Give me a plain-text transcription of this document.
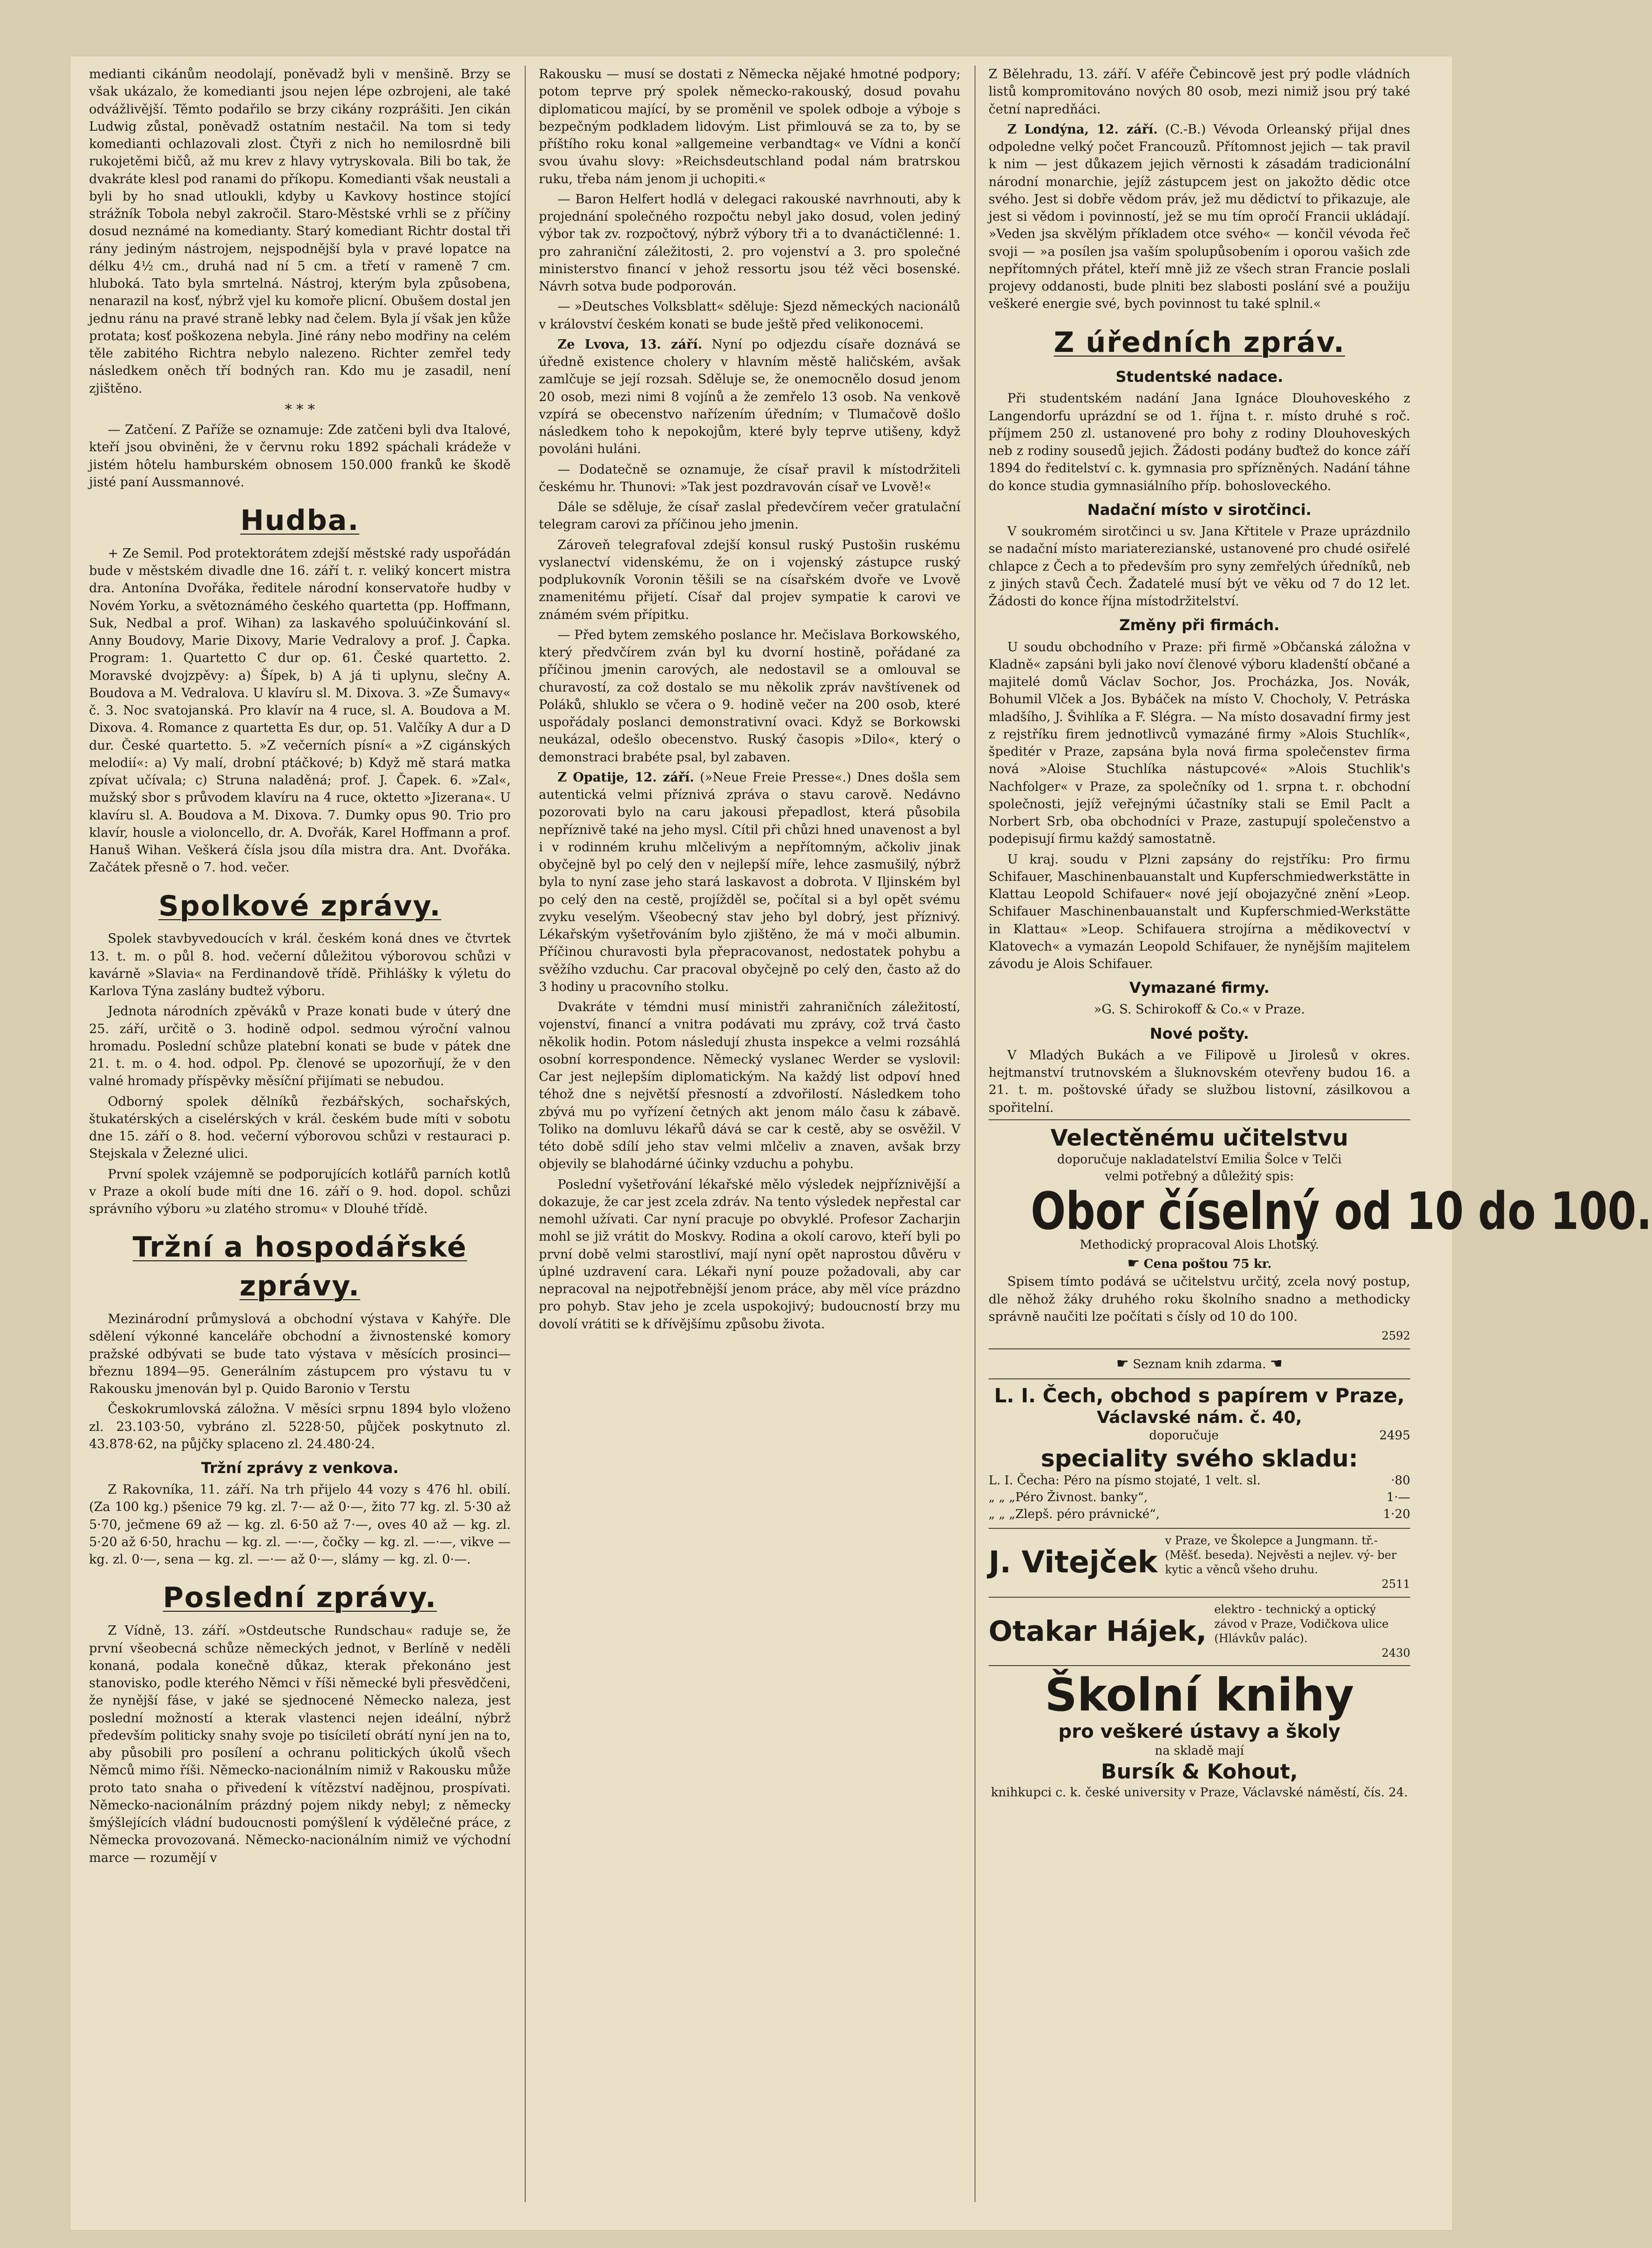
medianti cikánům neodolají, poněvadž byli v menšině. Brzy se však ukázalo, že komedianti jsou nejen lépe ozbrojeni, ale také odvážlivější. Těmto podařilo se brzy cikány rozprášiti. Jen cikán Ludwig zůstal, poněvadž ostatním nestačil. Na tom si tedy komedianti ochlazovali zlost. Čtyři z nich ho nemilosrdně bili rukojetěmi bičů, až mu krev z hlavy vytryskovala. Bili bo tak, že dvakráte klesl pod ranami do příkopu. Komedianti však neustali a byli by ho snad utloukli, kdyby u Kavkovy hostince stojící strážník Tobola nebyl zakročil. Staro-Městské vrhli se z příčiny dosud neznámé na komedianty. Starý komediant Richtr dostal tři rány jediným nástrojem, nejspodnější byla v pravé lopatce na délku 4½ cm., druhá nad ní 5 cm. a třetí v rameně 7 cm. hluboká. Tato byla smrtelná. Nástroj, kterým byla způsobena, nenarazil na kosť, nýbrž vjel ku komoře plicní. Obušem dostal jen jednu ránu na pravé straně lebky nad čelem. Byla jí však jen kůže protata; kosť poškozena nebyla. Jiné rány nebo modřiny na celém těle zabitého Richtra nebylo nalezeno. Richter zemřel tedy následkem oněch tří bodných ran. Kdo mu je zasadil, není zjištěno.

* * *

— Zatčení. Z Paříže se oznamuje: Zde zatčeni byli dva Italové, kteří jsou obviněni, že v červnu roku 1892 spáchali krádeže v jistém hôtelu hamburském obnosem 150.000 franků ke škodě jisté paní Aussmannové.

Hudba.

+ Ze Semil. Pod protektorátem zdejší městské rady uspořádán bude v městském divadle dne 16. září t. r. veliký koncert mistra dra. Antonína Dvořáka, ředitele národní konservatoře hudby v Novém Yorku, a světoznámého českého quartetta (pp. Hoffmann, Suk, Nedbal a prof. Wihan) za laskavého spoluúčinkování sl. Anny Boudovy, Marie Dixovy, Marie Vedralovy a prof. J. Čapka. Program: 1. Quartetto C dur op. 61. České quartetto. 2. Moravské dvojzpěvy: a) Šípek, b) A já ti uplynu, slečny A. Boudova a M. Vedralova. U klavíru sl. M. Dixova. 3. »Ze Šumavy« č. 3. Noc svatojanská. Pro klavír na 4 ruce, sl. A. Boudova a M. Dixova. 4. Romance z quartetta Es dur, op. 51. Valčíky A dur a D dur. České quartetto. 5. »Z večerních písní« a »Z cigánských melodií«: a) Vy malí, drobní ptáčkové; b) Když mě stará matka zpívat učívala; c) Struna naladěná; prof. J. Čapek. 6. »Zal«, mužský sbor s průvodem klavíru na 4 ruce, oktetto »Jizerana«. U klavíru sl. A. Boudova a M. Dixova. 7. Dumky opus 90. Trio pro klavír, housle a violoncello, dr. A. Dvořák, Karel Hoffmann a prof. Hanuš Wihan. Veškerá čísla jsou díla mistra dra. Ant. Dvořáka. Začátek přesně o 7. hod. večer.

Spolkové zprávy.

Spolek stavbyvedoucích v král. českém koná dnes ve čtvrtek 13. t. m. o půl 8. hod. večerní důležitou výborovou schůzi v kavárně »Slavia« na Ferdinandově třídě. Přihlášky k výletu do Karlova Týna zaslány budtež výboru.

Jednota národních zpěváků v Praze konati bude v úterý dne 25. září, určitě o 3. hodině odpol. sedmou výroční valnou hromadu. Poslední schůze platební konati se bude v pátek dne 21. t. m. o 4. hod. odpol. Pp. členové se upozorňují, že v den valné hromady příspěvky měsíční přijímati se nebudou.

Odborný spolek dělníků řezbářských, sochařských, štukatérských a ciselérských v král. českém bude míti v sobotu dne 15. září o 8. hod. večerní výborovou schůzi v restauraci p. Stejskala v Železné ulici.

První spolek vzájemně se podporujících kotlářů parních kotlů v Praze a okolí bude míti dne 16. září o 9. hod. dopol. schůzi správního výboru »u zlatého stromu« v Dlouhé třídě.

Tržní a hospodářské zprávy.

Mezinárodní průmyslová a obchodní výstava v Kahýře. Dle sdělení výkonné kanceláře obchodní a živnostenské komory pražské odbývati se bude tato výstava v měsících prosinci—březnu 1894—95. Generálním zástupcem pro výstavu tu v Rakousku jmenován byl p. Quido Baronio v Terstu

Českokrumlovská záložna. V měsíci srpnu 1894 bylo vloženo zl. 23.103·50, vybráno zl. 5228·50, půjček poskytnuto zl. 43.878·62, na půjčky splaceno zl. 24.480·24.

Tržní zprávy z venkova.

Z Rakovníka, 11. září. Na trh přijelo 44 vozy s 476 hl. obilí. (Za 100 kg.) pšenice 79 kg. zl. 7·— až 0·—, žito 77 kg. zl. 5·30 až 5·70, ječmene 69 až — kg. zl. 6·50 až 7·—, oves 40 až — kg. zl. 5·20 až 6·50, hrachu — kg. zl. —·—, čočky — kg. zl. —·—, vikve — kg. zl. 0·—, sena — kg. zl. —·— až 0·—, slámy — kg. zl. 0·—.

Poslední zprávy.

Z Vídně, 13. září. »Ostdeutsche Rundschau« raduje se, že první všeobecná schůze německých jednot, v Berlíně v neděli konaná, podala konečně důkaz, kterak překonáno jest stanovisko, podle kterého Němci v říši německé byli přesvědčeni, že nynější fáse, v jaké se sjednocené Německo naleza, jest poslední možností a kterak vlastenci nejen ideální, nýbrž především politicky snahy svoje po tisíciletí obrátí nyní jen na to, aby působili pro posílení a ochranu politických úkolů všech Němců mimo říši. Německo-nacionálním nimiž v Rakousku může proto tato snaha o přivedení k vítězství nadějnou, prospívati. Německo-nacionálním prázdný pojem nikdy nebyl; z německy šmýšlejících vládní budoucnosti pomýšlení k výdělečné práce, z Německa provozovaná. Německo-nacionálním nimiž ve východní marce — rozumějí v

Rakousku — musí se dostati z Německa nějaké hmotné podpory; potom teprve prý spolek německo-rakouský, dosud povahu diplomaticou mající, by se proměnil ve spolek odboje a výboje s bezpečným podkladem lidovým. List přimlouvá se za to, by se příštího roku konal »allgemeine verbandtag« ve Vídni a končí svou úvahu slovy: »Reichsdeutschland podal nám bratrskou ruku, třeba nám jenom ji uchopiti.«

— Baron Helfert hodlá v delegaci rakouské navrhnouti, aby k projednání společného rozpočtu nebyl jako dosud, volen jediný výbor tak zv. rozpočtový, nýbrž výbory tři a to dvanáctičlenné: 1. pro zahraniční záležitosti, 2. pro vojenství a 3. pro společné ministerstvo financí v jehož ressortu jsou též věci bosenské. Návrh sotva bude podporován.

— »Deutsches Volksblatt« sděluje: Sjezd německých nacionálů v království českém konati se bude ještě před velikonocemi.

Ze Lvova, 13. září. Nyní po odjezdu císaře doznává se úředně existence cholery v hlavním městě haličském, avšak zamlčuje se její rozsah. Sděluje se, že onemocnělo dosud jenom 20 osob, mezi nimi 8 vojínů a že zemřelo 13 osob. Na venkově vzpírá se obecenstvo nařízením úředním; v Tlumačově došlo následkem toho k nepokojům, které byly teprve utišeny, když povoláni huláni.

— Dodatečně se oznamuje, že císař pravil k místodržiteli českému hr. Thunovi: »Tak jest pozdravován císař ve Lvově!«

Dále se sděluje, že císař zaslal předevčírem večer gratulační telegram carovi za příčinou jeho jmenin.

Zároveň telegrafoval zdejší konsul ruský Pustošin ruskému vyslanectví videnskému, že on i vojenský zástupce ruský podplukovník Voronin těšili se na císařském dvoře ve Lvově znamenitému přijetí. Císař dal projev sympatie k carovi ve známém svém přípitku.

— Před bytem zemského poslance hr. Mečislava Borkowského, který předvčírem zván byl ku dvorní hostině, pořádané za příčinou jmenin carových, ale nedostavil se a omlouval se churavostí, za což dostalo se mu několik zpráv navštívenek od Poláků, shluklo se včera o 9. hodině večer na 200 osob, které uspořádaly poslanci demonstrativní ovaci. Když se Borkowski neukázal, odešlo obecenstvo. Ruský časopis »Dilo«, který o demonstraci brabéte psal, byl zabaven.

Z Opatije, 12. září. (»Neue Freie Presse«.) Dnes došla sem autentická velmi příznivá zpráva o stavu carově. Nedávno pozorovati bylo na caru jakousi přepadlost, která působila nepříznivě také na jeho mysl. Cítil při chůzi hned unavenost a byl i v rodinném kruhu mlčelivým a nepřítomným, ačkoliv jinak obyčejně byl po celý den v nejlepší míře, lehce zasmušilý, nýbrž byla to nyní zase jeho stará laskavost a dobrota. V Iljinském byl po celý den na cestě, projížděl se, počítal si a byl opět svému zvyku veselým. Všeobecný stav jeho byl dobrý, jest příznivý. Lékařským vyšetřováním bylo zjištěno, že má v moči albumin. Příčinou churavosti byla přepracovanost, nedostatek pohybu a svěžího vzduchu. Car pracoval obyčejně po celý den, často až do 3 hodiny u pracovního stolku.

Dvakráte v témdni musí ministři zahraničních záležitostí, vojenství, financí a vnitra podávati mu zprávy, což trvá často několik hodin. Potom následují zhusta inspekce a velmi rozsáhlá osobní korrespondence. Německý vyslanec Werder se vyslovil: Car jest nejlepším diplomatickým. Na každý list odpoví hned téhož dne s největší přesností a zdvořilostí. Následkem toho zbývá mu po vyřízení četných akt jenom málo času k zábavě. Toliko na domluvu lékařů dává se car k cestě, aby se osvěžil. V této době sdílí jeho stav velmi mlčeliv a znaven, avšak brzy objevily se blahodárné účinky vzduchu a pohybu.

Poslední vyšetřování lékařské mělo výsledek nejpříznivější a dokazuje, že car jest zcela zdráv. Na tento výsledek nepřestal car nemohl užívati. Car nyní pracuje po obvyklé. Profesor Zacharjin mohl se již vrátit do Moskvy. Rodina a okolí carovo, kteří byli po první době velmi starostliví, mají nyní opět naprostou důvěru v úplné uzdravení cara. Lékaři nyní pouze požadovali, aby car nepracoval na nejpotřebnější jenom práce, aby měl více prázdno pro pohyb. Stav jeho je zcela uspokojivý; budoucností brzy mu dovolí vrátiti se k dřívějšímu způsobu života.

Z Bělehradu, 13. září. V aféře Čebincově jest prý podle vládních listů kompromitováno nových 80 osob, mezi nimiž jsou prý také četní napredňáci.

Z Londýna, 12. září. (C.-B.) Vévoda Orleanský přijal dnes odpoledne velký počet Francouzů. Přítomnost jejich — tak pravil k nim — jest důkazem jejich věrnosti k zásadám tradicionální národní monarchie, jejíž zástupcem jest on jakožto dědic otce svého. Jest si dobře vědom práv, jež mu dědictví to přikazuje, ale jest si vědom i povinností, jež se mu tím opročí Francii ukládají. »Veden jsa skvělým příkladem otce svého« — končil vévoda řeč svoji — »a posílen jsa vaším spolupůsobením i oporou vašich zde nepřítomných přátel, kteří mně již ze všech stran Francie poslali projevy oddanosti, bude plniti bez slabosti poslání své a použiju veškeré energie své, bych povinnost tu také splnil.«

Z úředních zpráv.
Studentské nadace.

Při studentském nadání Jana Ignáce Dlouhoveského z Langendorfu uprázdní se od 1. října t. r. místo druhé s roč. příjmem 250 zl. ustanovené pro bohy z rodiny Dlouhoveských neb z rodiny sousedů jejich. Žádosti podány buďtež do konce září 1894 do ředitelství c. k. gymnasia pro spřízněných. Nadání táhne do konce studia gymnasiálního příp. bohosloveckého.

Nadační místo v sirotčinci.

V soukromém sirotčinci u sv. Jana Křtitele v Praze uprázdnilo se nadační místo mariaterezianské, ustanovené pro chudé osiřelé chlapce z Čech a to především pro syny zemřelých úředníků, neb z jiných stavů Čech. Žadatelé musí být ve věku od 7 do 12 let. Žádosti do konce října místodržitelství.

Změny při firmách.

U soudu obchodního v Praze: při firmě »Občanská záložna v Kladně« zapsáni byli jako noví členové výboru kladenští občané a majitelé domů Václav Sochor, Jos. Procházka, Jos. Novák, Bohumil Vlček a Jos. Bybáček na místo V. Chocholy, V. Petráska mladšího, J. Švihlíka a F. Slégra. — Na místo dosavadní firmy jest z rejstříku firem jednotlivců vymazáné firmy »Alois Stuchlík«, špeditér v Praze, zapsána byla nová firma společenstev firma nová »Aloise Stuchlíka nástupcové« »Alois Stuchlik's Nachfolger« v Praze, za společníky od 1. srpna t. r. obchodní společnosti, jejíž veřejnými účastníky stali se Emil Paclt a Norbert Srb, oba obchodníci v Praze, zastupují společenstvo a podepisují firmu každý samostatně.

U kraj. soudu v Plzni zapsány do rejstříku: Pro firmu Schifauer, Maschinenbauanstalt und Kupferschmiedwerkstätte in Klattau Leopold Schifauer« nové její obojazyčné znění »Leop. Schifauer Maschinenbauanstalt und Kupferschmied-Werkstätte in Klattau« »Leop. Schifauera strojírna a mědikovectví v Klatovech« a vymazán Leopold Schifauer, že nynějším majitelem závodu je Alois Schifauer.

Vymazané firmy.

»G. S. Schirokoff & Co.« v Praze.

Nové pošty.

V Mladých Bukách a ve Filipově u Jirolesů v okres. hejtmanství trutnovském a šluknovském otevřeny budou 16. a 21. t. m. poštovské úřady se službou listovní, zásilkovou a spořitelní.

Velectěnému učitelstvu
doporučuje nakladatelství Emilia Šolce v Telči
velmi potřebný a důležitý spis:
Obor číselný od 10 do 100.
Methodický propracoval Alois Lhotský.
☛ Cena poštou 75 kr.

Spisem tímto podává se učitelstvu určitý, zcela nový postup, dle něhož žáky druhého roku školního snadno a methodicky správně naučiti lze počítati s čísly od 10 do 100.

2592
☛ Seznam knih zdarma. ☚
L. I. Čech, obchod s papírem v Praze,
Václavské nám. č. 40,
doporučuje	2495
speciality svého skladu:
L. I. Čecha: Péro na písmo stojaté, 1 velt. sl.	·80
„ „ „Péro Živnost. banky“,	1·—
„ „ „Zlepš. péro právnické“,	1·20
J. Vitejček
v Praze, ve Školepce a Jungmann. tř.- (Měšť. beseda). Nejvěsti a nejlev. vý- ber kytic a věnců všeho druhu.
2511
Otakar Hájek,
elektro - technický a optický závod v Praze, Vodičkova ulice (Hlávkův palác).
2430
Školní knihy
pro veškeré ústavy a školy
na skladě mají
Bursík & Kohout,
knihkupci c. k. české university v Praze, Václavské náměstí, čís. 24.
